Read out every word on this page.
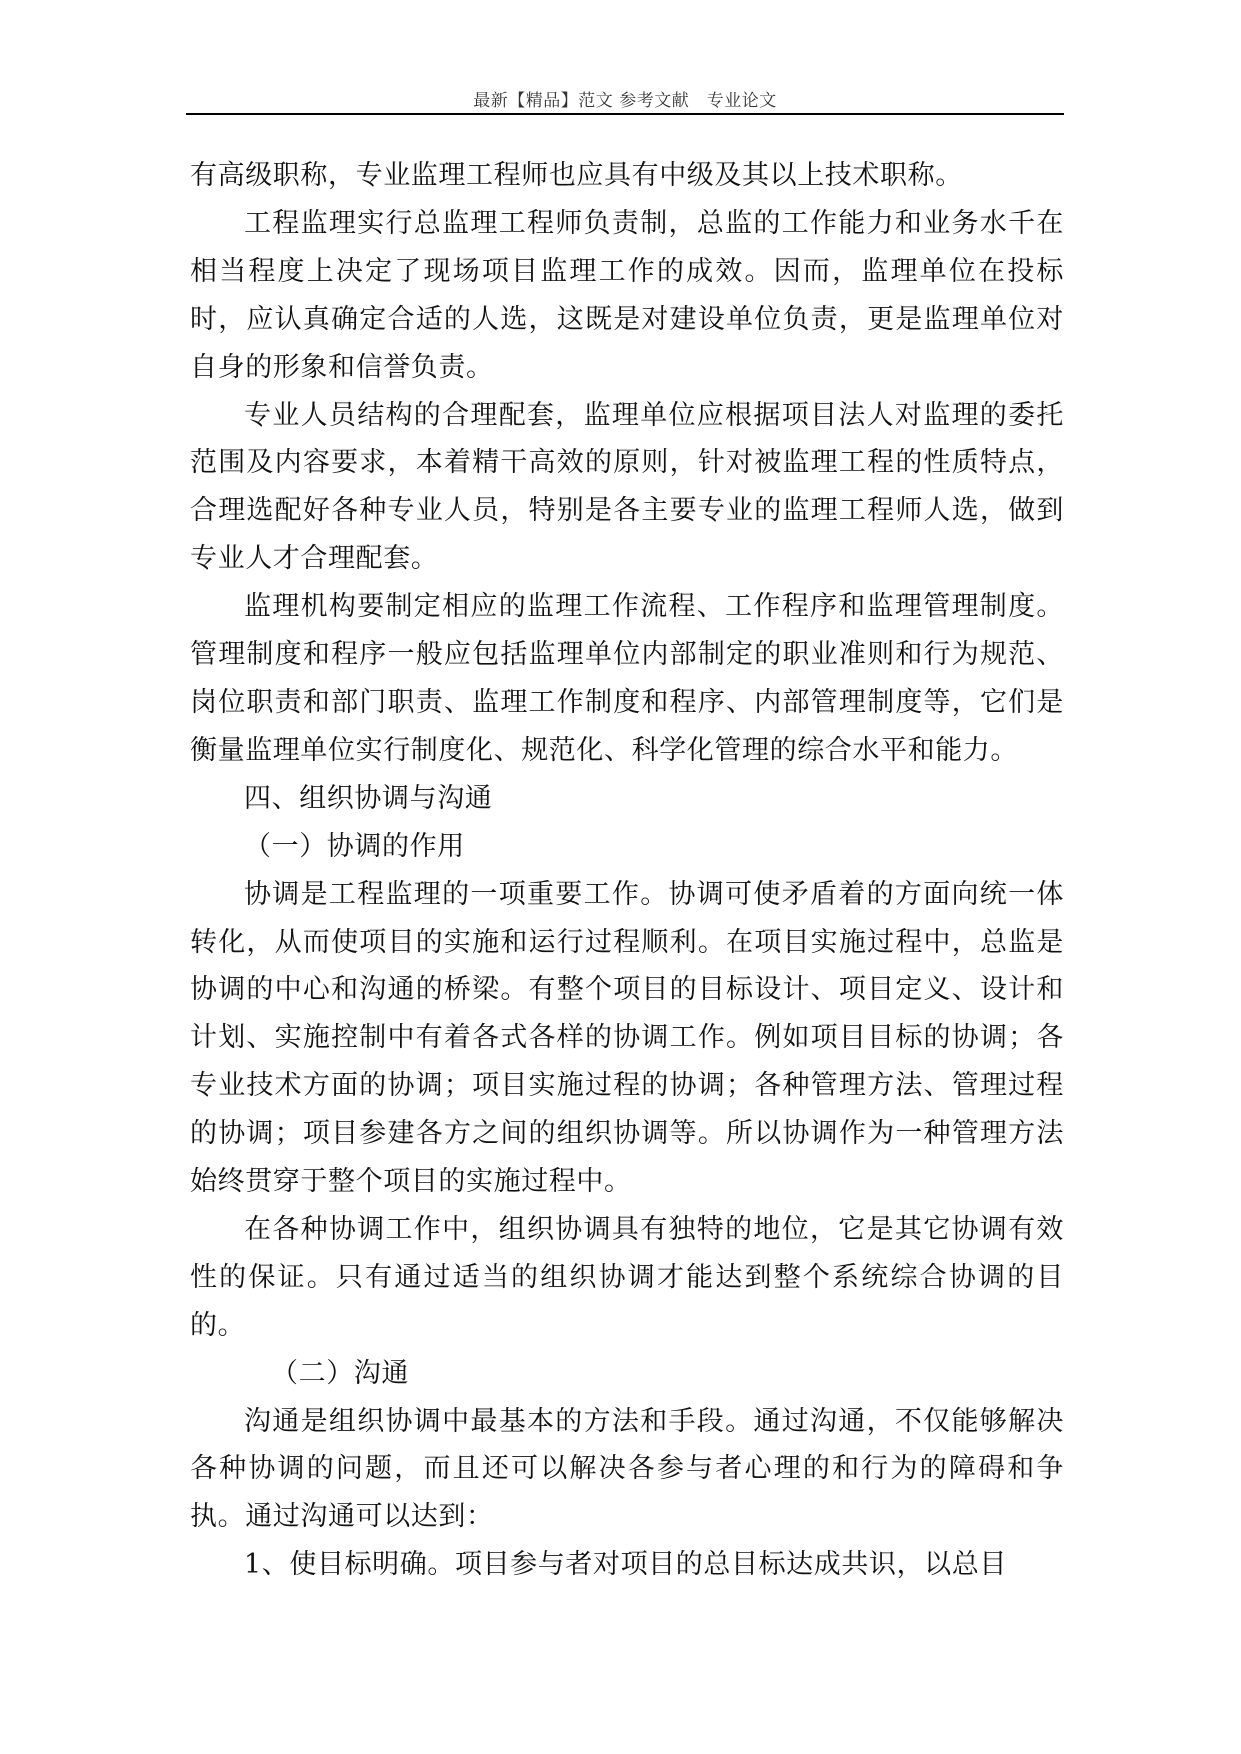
最新【精品】范文 参考文献　专业论文

有高级职称，专业监理工程师也应具有中级及其以上技术职称。

工程监理实行总监理工程师负责制，总监的工作能力和业务水千在相当程度上决定了现场项目监理工作的成效。因而，监理单位在投标时，应认真确定合适的人选，这既是对建设单位负责，更是监理单位对自身的形象和信誉负责。

专业人员结构的合理配套，监理单位应根据项目法人对监理的委托范围及内容要求，本着精干高效的原则，针对被监理工程的性质特点，合理选配好各种专业人员，特别是各主要专业的监理工程师人选，做到专业人才合理配套。

监理机构要制定相应的监理工作流程、工作程序和监理管理制度。管理制度和程序一般应包括监理单位内部制定的职业准则和行为规范、岗位职责和部门职责、监理工作制度和程序、内部管理制度等，它们是衡量监理单位实行制度化、规范化、科学化管理的综合水平和能力。

四、组织协调与沟通

（一）协调的作用

协调是工程监理的一项重要工作。协调可使矛盾着的方面向统一体转化，从而使项目的实施和运行过程顺利。在项目实施过程中，总监是协调的中心和沟通的桥梁。有整个项目的目标设计、项目定义、设计和计划、实施控制中有着各式各样的协调工作。例如项目目标的协调；各专业技术方面的协调；项目实施过程的协调；各种管理方法、管理过程的协调；项目参建各方之间的组织协调等。所以协调作为一种管理方法始终贯穿于整个项目的实施过程中。

在各种协调工作中，组织协调具有独特的地位，它是其它协调有效性的保证。只有通过适当的组织协调才能达到整个系统综合协调的目的。

（二）沟通

沟通是组织协调中最基本的方法和手段。通过沟通，不仅能够解决各种协调的问题，而且还可以解决各参与者心理的和行为的障碍和争执。通过沟通可以达到：

1、使目标明确。项目参与者对项目的总目标达成共识，以总目
